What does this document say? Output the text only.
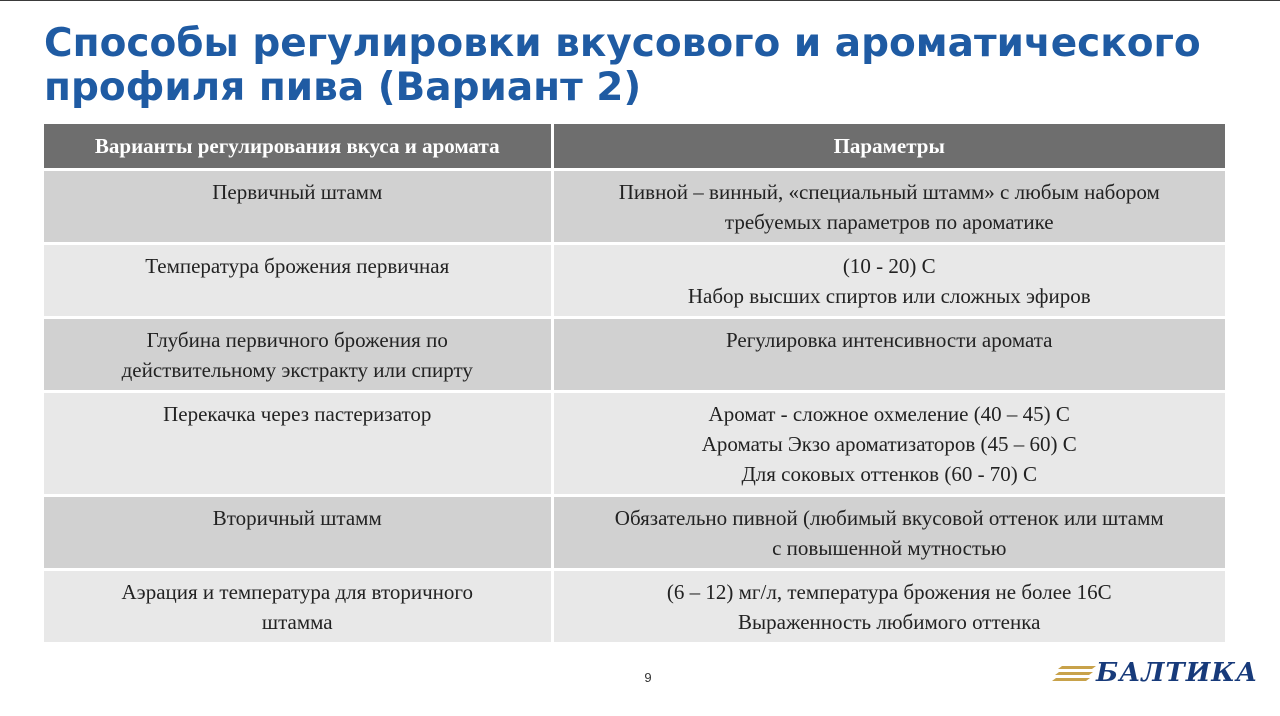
Способы регулировки вкусового и ароматического
профиля пива (Вариант 2)
Варианты регулирования вкуса и аромата	Параметры

Первичный штамм	Пивной – винный, «специальный штамм» с любым набором
требуемых параметров по ароматике

Температура брожения первичная	(10 - 20) С
Набор высших спиртов или сложных эфиров

Глубина первичного брожения по
действительному экстракту или спирту	Регулировка интенсивности аромата

Перекачка через пастеризатор	Аромат - сложное охмеление (40 – 45) С
Ароматы Экзо ароматизаторов (45 – 60) С
Для соковых оттенков (60 - 70) С

Вторичный штамм	Обязательно пивной (любимый вкусовой оттенок или штамм
с повышенной мутностью

Аэрация и температура для вторичного
штамма	(6 – 12) мг/л, температура брожения не более 16С
Выраженность любимого оттенка
9	БАЛТИКА
